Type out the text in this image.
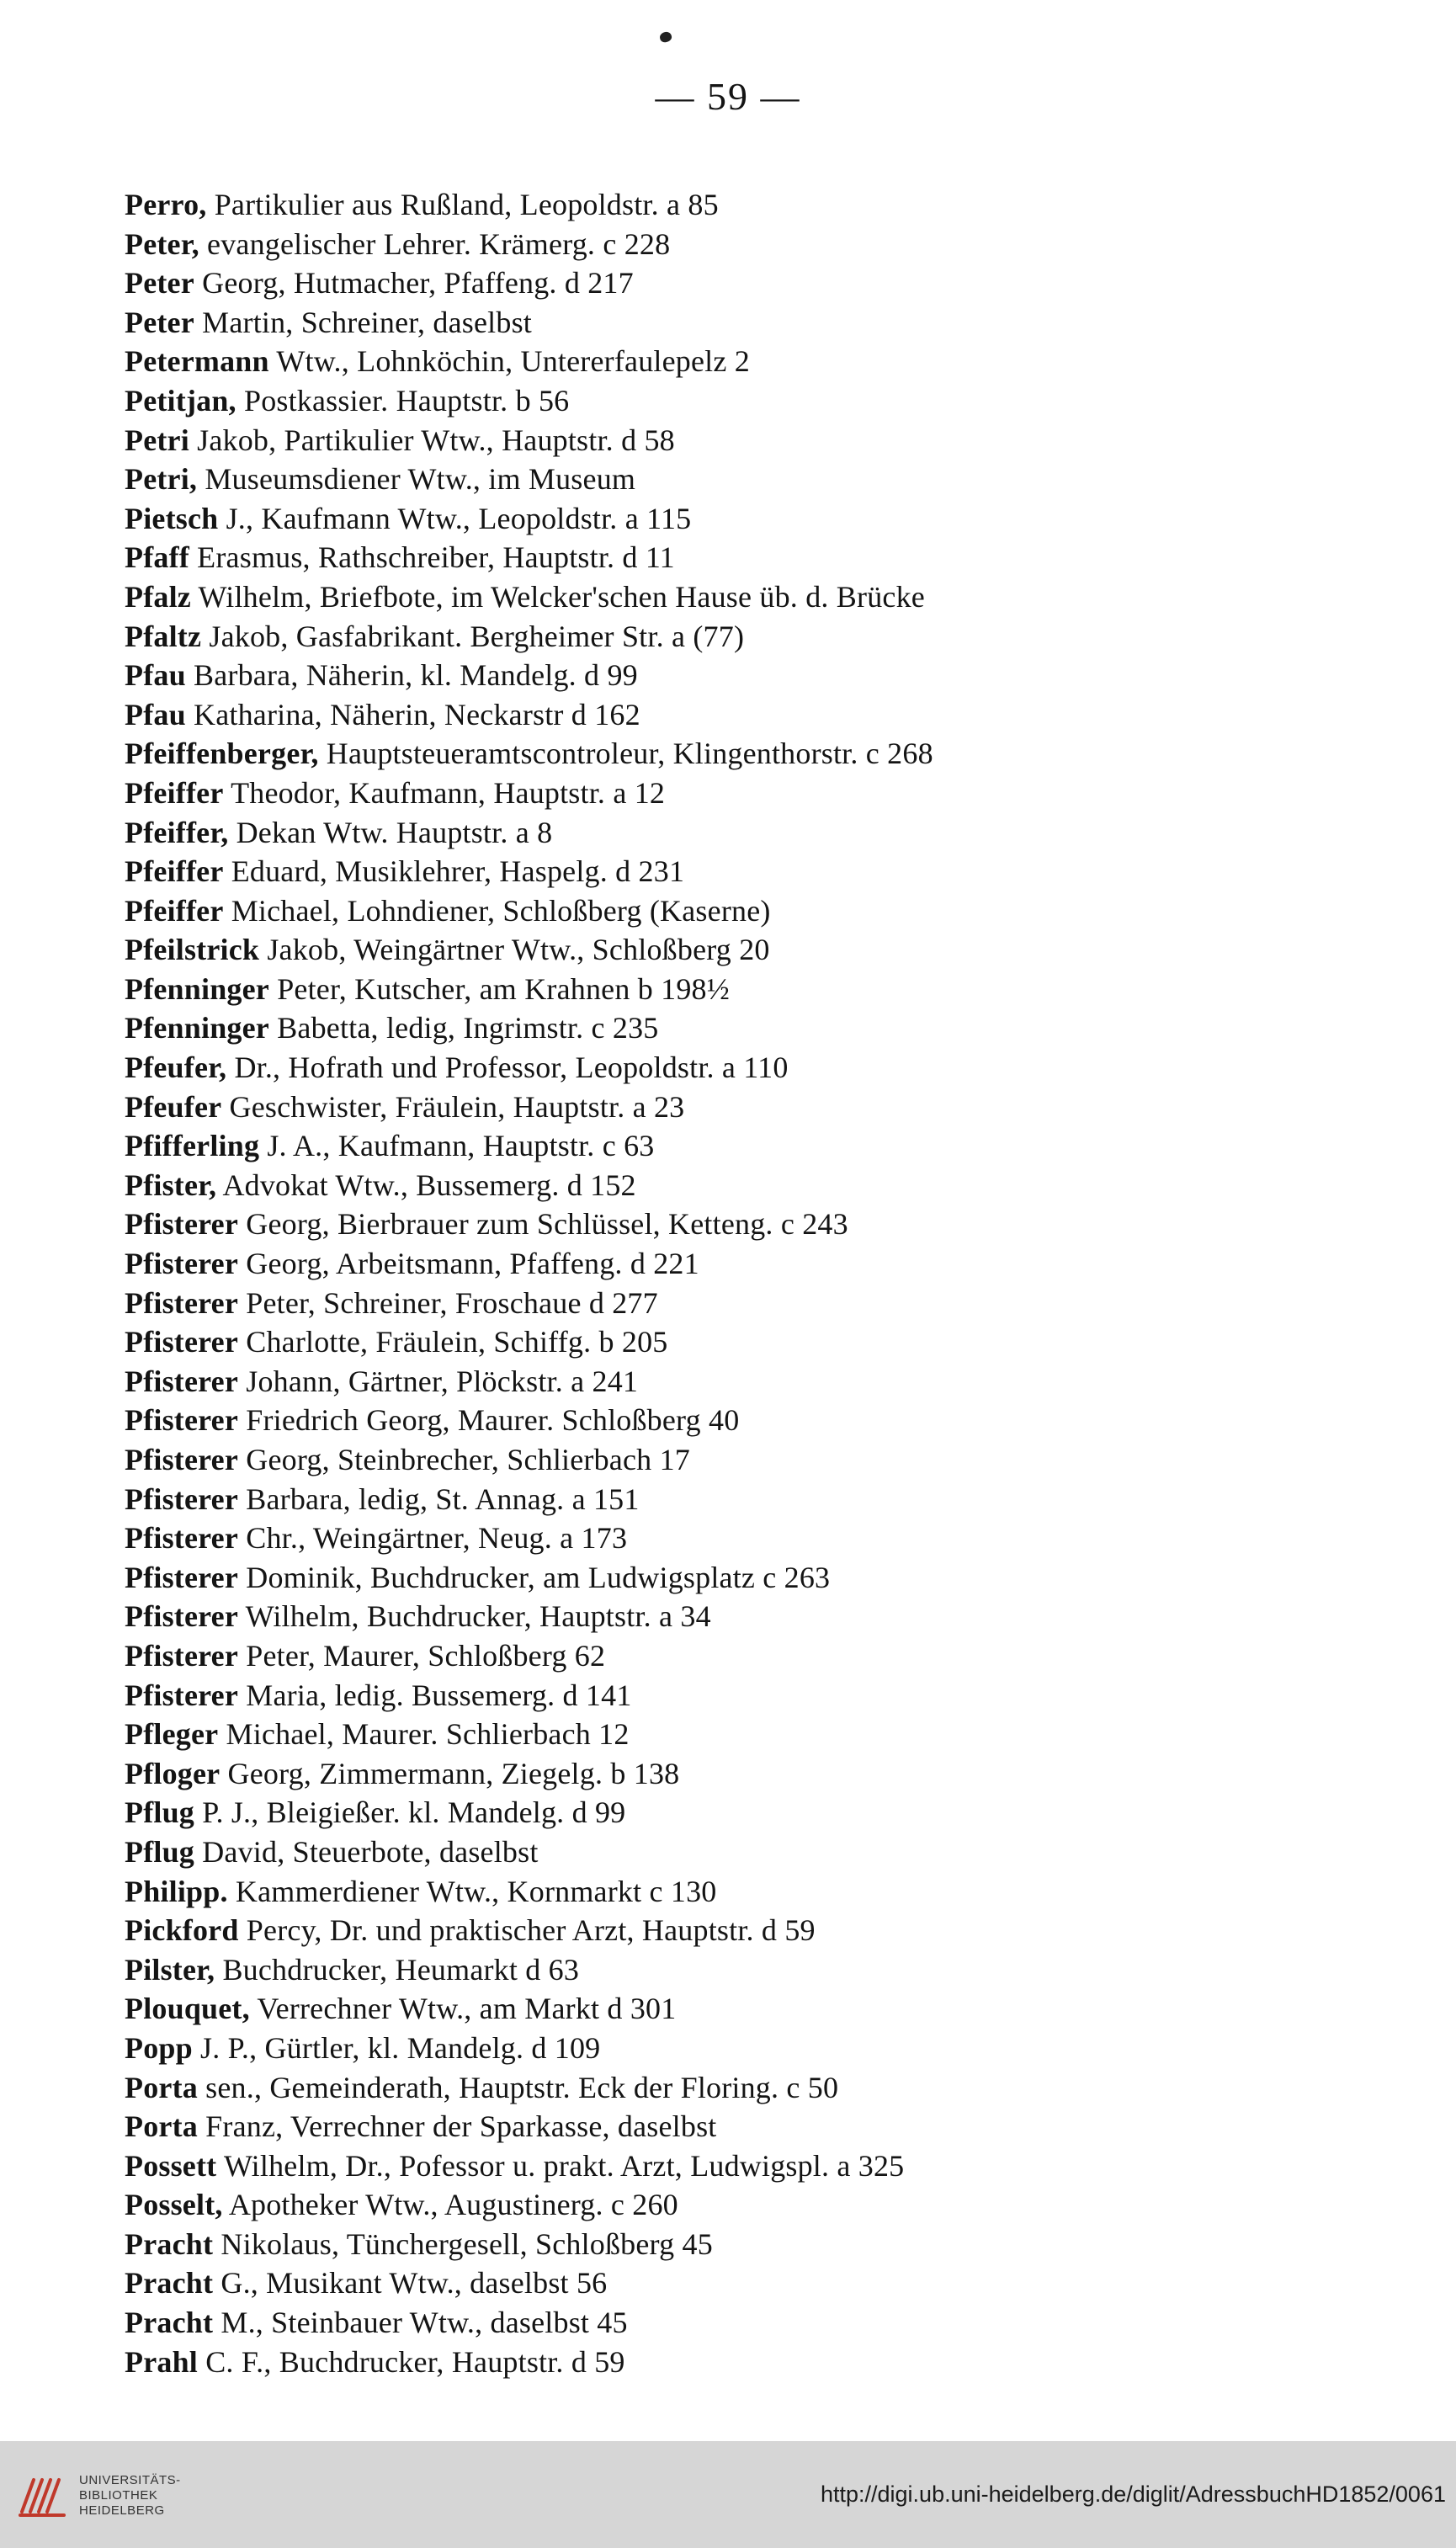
— 59 —
Perro, Partikulier aus Rußland, Leopoldstr. a 85
Peter, evangelischer Lehrer. Krämerg. c 228
Peter Georg, Hutmacher, Pfaffeng. d 217
Peter Martin, Schreiner, daselbst
Petermann Wtw., Lohnköchin, Untererfaulepelz 2
Petitjan, Postkassier. Hauptstr. b 56
Petri Jakob, Partikulier Wtw., Hauptstr. d 58
Petri, Museumsdiener Wtw., im Museum
Pietsch J., Kaufmann Wtw., Leopoldstr. a 115
Pfaff Erasmus, Rathschreiber, Hauptstr. d 11
Pfalz Wilhelm, Briefbote, im Welcker'schen Hause üb. d. Brücke
Pfaltz Jakob, Gasfabrikant. Bergheimer Str. a (77)
Pfau Barbara, Näherin, kl. Mandelg. d 99
Pfau Katharina, Näherin, Neckarstr d 162
Pfeiffenberger, Hauptsteueramtscontroleur, Klingenthorstr. c 268
Pfeiffer Theodor, Kaufmann, Hauptstr. a 12
Pfeiffer, Dekan Wtw. Hauptstr. a 8
Pfeiffer Eduard, Musiklehrer, Haspelg. d 231
Pfeiffer Michael, Lohndiener, Schloßberg (Kaserne)
Pfeilstrick Jakob, Weingärtner Wtw., Schloßberg 20
Pfenninger Peter, Kutscher, am Krahnen b 198½
Pfenninger Babetta, ledig, Ingrimstr. c 235
Pfeufer, Dr., Hofrath und Professor, Leopoldstr. a 110
Pfeufer Geschwister, Fräulein, Hauptstr. a 23
Pfifferling J. A., Kaufmann, Hauptstr. c 63
Pfister, Advokat Wtw., Bussemerg. d 152
Pfisterer Georg, Bierbrauer zum Schlüssel, Ketteng. c 243
Pfisterer Georg, Arbeitsmann, Pfaffeng. d 221
Pfisterer Peter, Schreiner, Froschaue d 277
Pfisterer Charlotte, Fräulein, Schiffg. b 205
Pfisterer Johann, Gärtner, Plöckstr. a 241
Pfisterer Friedrich Georg, Maurer. Schloßberg 40
Pfisterer Georg, Steinbrecher, Schlierbach 17
Pfisterer Barbara, ledig, St. Annag. a 151
Pfisterer Chr., Weingärtner, Neug. a 173
Pfisterer Dominik, Buchdrucker, am Ludwigsplatz c 263
Pfisterer Wilhelm, Buchdrucker, Hauptstr. a 34
Pfisterer Peter, Maurer, Schloßberg 62
Pfisterer Maria, ledig. Bussemerg. d 141
Pfleger Michael, Maurer. Schlierbach 12
Pfloger Georg, Zimmermann, Ziegelg. b 138
Pflug P. J., Bleigießer. kl. Mandelg. d 99
Pflug David, Steuerbote, daselbst
Philipp. Kammerdiener Wtw., Kornmarkt c 130
Pickford Percy, Dr. und praktischer Arzt, Hauptstr. d 59
Pilster, Buchdrucker, Heumarkt d 63
Plouquet, Verrechner Wtw., am Markt d 301
Popp J. P., Gürtler, kl. Mandelg. d 109
Porta sen., Gemeinderath, Hauptstr. Eck der Floring. c 50
Porta Franz, Verrechner der Sparkasse, daselbst
Possett Wilhelm, Dr., Pofessor u. prakt. Arzt, Ludwigspl. a 325
Posselt, Apotheker Wtw., Augustinerg. c 260
Pracht Nikolaus, Tünchergesell, Schloßberg 45
Pracht G., Musikant Wtw., daselbst 56
Pracht M., Steinbauer Wtw., daselbst 45
Prahl C. F., Buchdrucker, Hauptstr. d 59
UNIVERSITÄTS-
BIBLIOTHEK
HEIDELBERG
http://digi.ub.uni-heidelberg.de/diglit/AdressbuchHD1852/0061
